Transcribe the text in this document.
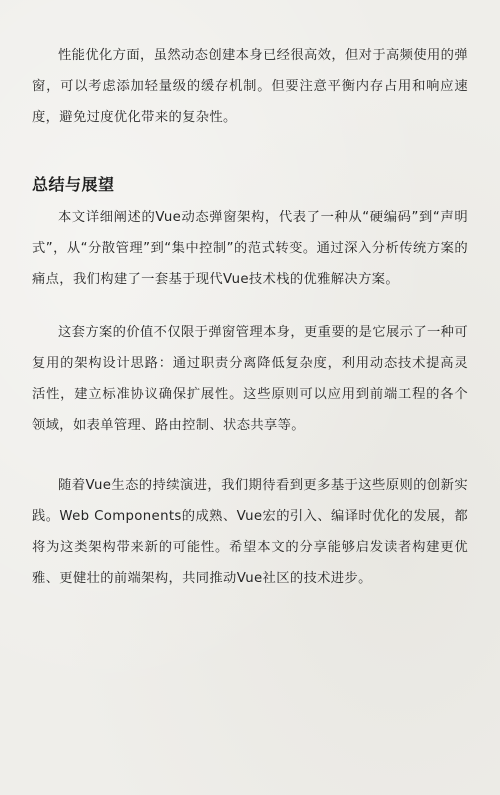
性能优化方面，虽然动态创建本身已经很高效，但对于高频使用的弹窗，可以考虑添加轻量级的缓存机制。但要注意平衡内存占用和响应速度，避免过度优化带来的复杂性。

总结与展望

本文详细阐述的Vue动态弹窗架构，代表了一种从“硬编码”到“声明式”，从“分散管理”到“集中控制”的范式转变。通过深入分析传统方案的痛点，我们构建了一套基于现代Vue技术栈的优雅解决方案。

这套方案的价值不仅限于弹窗管理本身，更重要的是它展示了一种可复用的架构设计思路：通过职责分离降低复杂度，利用动态技术提高灵活性，建立标准协议确保扩展性。这些原则可以应用到前端工程的各个领域，如表单管理、路由控制、状态共享等。

随着Vue生态的持续演进，我们期待看到更多基于这些原则的创新实践。Web Components的成熟、Vue宏的引入、编译时优化的发展，都将为这类架构带来新的可能性。希望本文的分享能够启发读者构建更优雅、更健壮的前端架构，共同推动Vue社区的技术进步。
